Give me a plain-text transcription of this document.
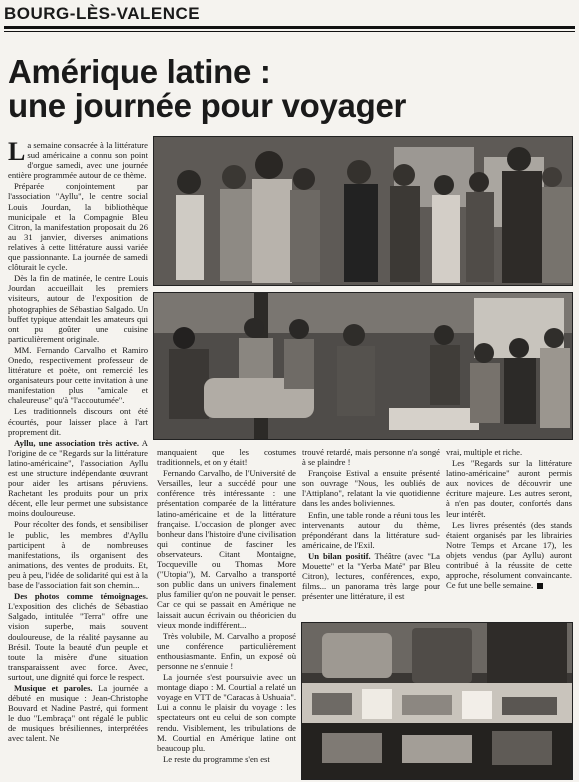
BOURG-LÈS-VALENCE
Amérique latine :
une journée pour voyager

La semaine consacrée à la littérature sud américaine a connu son point d'orgue samedi, avec une journée entière programmée autour de ce thème.

Préparée conjointement par l'association "Ayllu", le centre social Louis Jourdan, la bibliothèque municipale et la Compagnie Bleu Citron, la manifestation proposait du 26 au 31 janvier, diverses animations relatives à cette littérature aussi variée que passionnante. La journée de samedi clôturait le cycle.

Dès la fin de matinée, le centre Louis Jourdan accueillait les premiers visiteurs, autour de l'exposition de photographies de Sébastiao Salgado. Un buffet typique attendait les amateurs qui ont pu goûter une cuisine particulièrement originale.

MM. Fernando Carvalho et Ramiro Onedo, respectivement professeur de littérature et poète, ont remercié les organisateurs pour cette invitation à une manifestation plus "amicale et chaleureuse" qu'à "l'accoutumée".

Les traditionnels discours ont été écourtés, pour laisser place à l'art proprement dit.

Ayllu, une association très active. A l'origine de ce "Regards sur la littérature latino-américaine", l'association Ayllu est une structure indépendante œuvrant pour aider les artisans péruviens. Rachetant les produits pour un prix décent, elle leur permet une subsistance moins douloureuse.

Pour récolter des fonds, et sensibiliser le public, les membres d'Ayllu participent à de nombreuses manifestations, ils organisent des animations, des ventes de produits. Et, peu à peu, l'idée de solidarité qui est à la base de l'association fait son chemin...

Des photos comme témoignages. L'exposition des clichés de Sébastiao Salgado, intitulée "Terra" offre une vision superbe, mais souvent douloureuse, de la réalité paysanne au Brésil. Toute la beauté d'un peuple et toute la misère d'une situation transparaissent avec force. Avec, surtout, une dignité qui force le respect.

Musique et paroles. La journée a débuté en musique : Jean-Christophe Bouvard et Nadine Pastré, qui forment le duo "Lembraça" ont régalé le public de musiques brésiliennes, interprétées avec talent. Ne

manquaient que les costumes traditionnels, et on y était!

Fernando Carvalho, de l'Université de Versailles, leur a succédé pour une conférence très intéressante : une présentation comparée de la littérature latino-américaine et de la littérature française. L'occasion de plonger avec bonheur dans l'histoire d'une civilisation qui continue de fasciner les observateurs. Citant Montaigne, Tocqueville ou Thomas More ("Utopia"), M. Carvalho a transporté son public dans un univers finalement plus familier qu'on ne pouvait le penser. Car ce qui se passait en Amérique ne laissait aucun écrivain ou théoricien du vieux monde indifférent...

Très volubile, M. Carvalho a proposé une conférence particulièrement enthousiasmante. Enfin, un exposé où personne ne s'ennuie !

La journée s'est poursuivie avec un montage diapo : M. Courtial a relaté un voyage en VTT de "Caracas à Ushuaia". Lui a connu le plaisir du voyage : les spectateurs ont eu celui de son compte rendu. Visiblement, les tribulations de M. Courtial en Amérique latine ont beaucoup plu.

Le reste du programme s'en est

trouvé retardé, mais personne n'a songé à se plaindre !

Françoise Estival a ensuite présenté son ouvrage "Nous, les oubliés de l'Attiplano", relatant la vie quotidienne dans les andes boliviennes.

Enfin, une table ronde a réuni tous les intervenants autour du thème, prépondérant dans la littérature sud-américaine, de l'Exil.

Un bilan positif. Théâtre (avec "La Mouette" et la "Yerba Maté" par Bleu Citron), lectures, conférences, expo, films... un panorama très large pour présenter une littérature, il est

vrai, multiple et riche.

Les "Regards sur la littérature latino-américaine" auront permis aux novices de découvrir une écriture majeure. Les autres seront, à n'en pas douter, confortés dans leur intérêt.

Les livres présentés (des stands étaient organisés par les librairies Notre Temps et Arcane 17), les objets vendus (par Ayllu) auront contribué à la réussite de cette approche, résolument convaincante. Ce fut une belle semaine.
